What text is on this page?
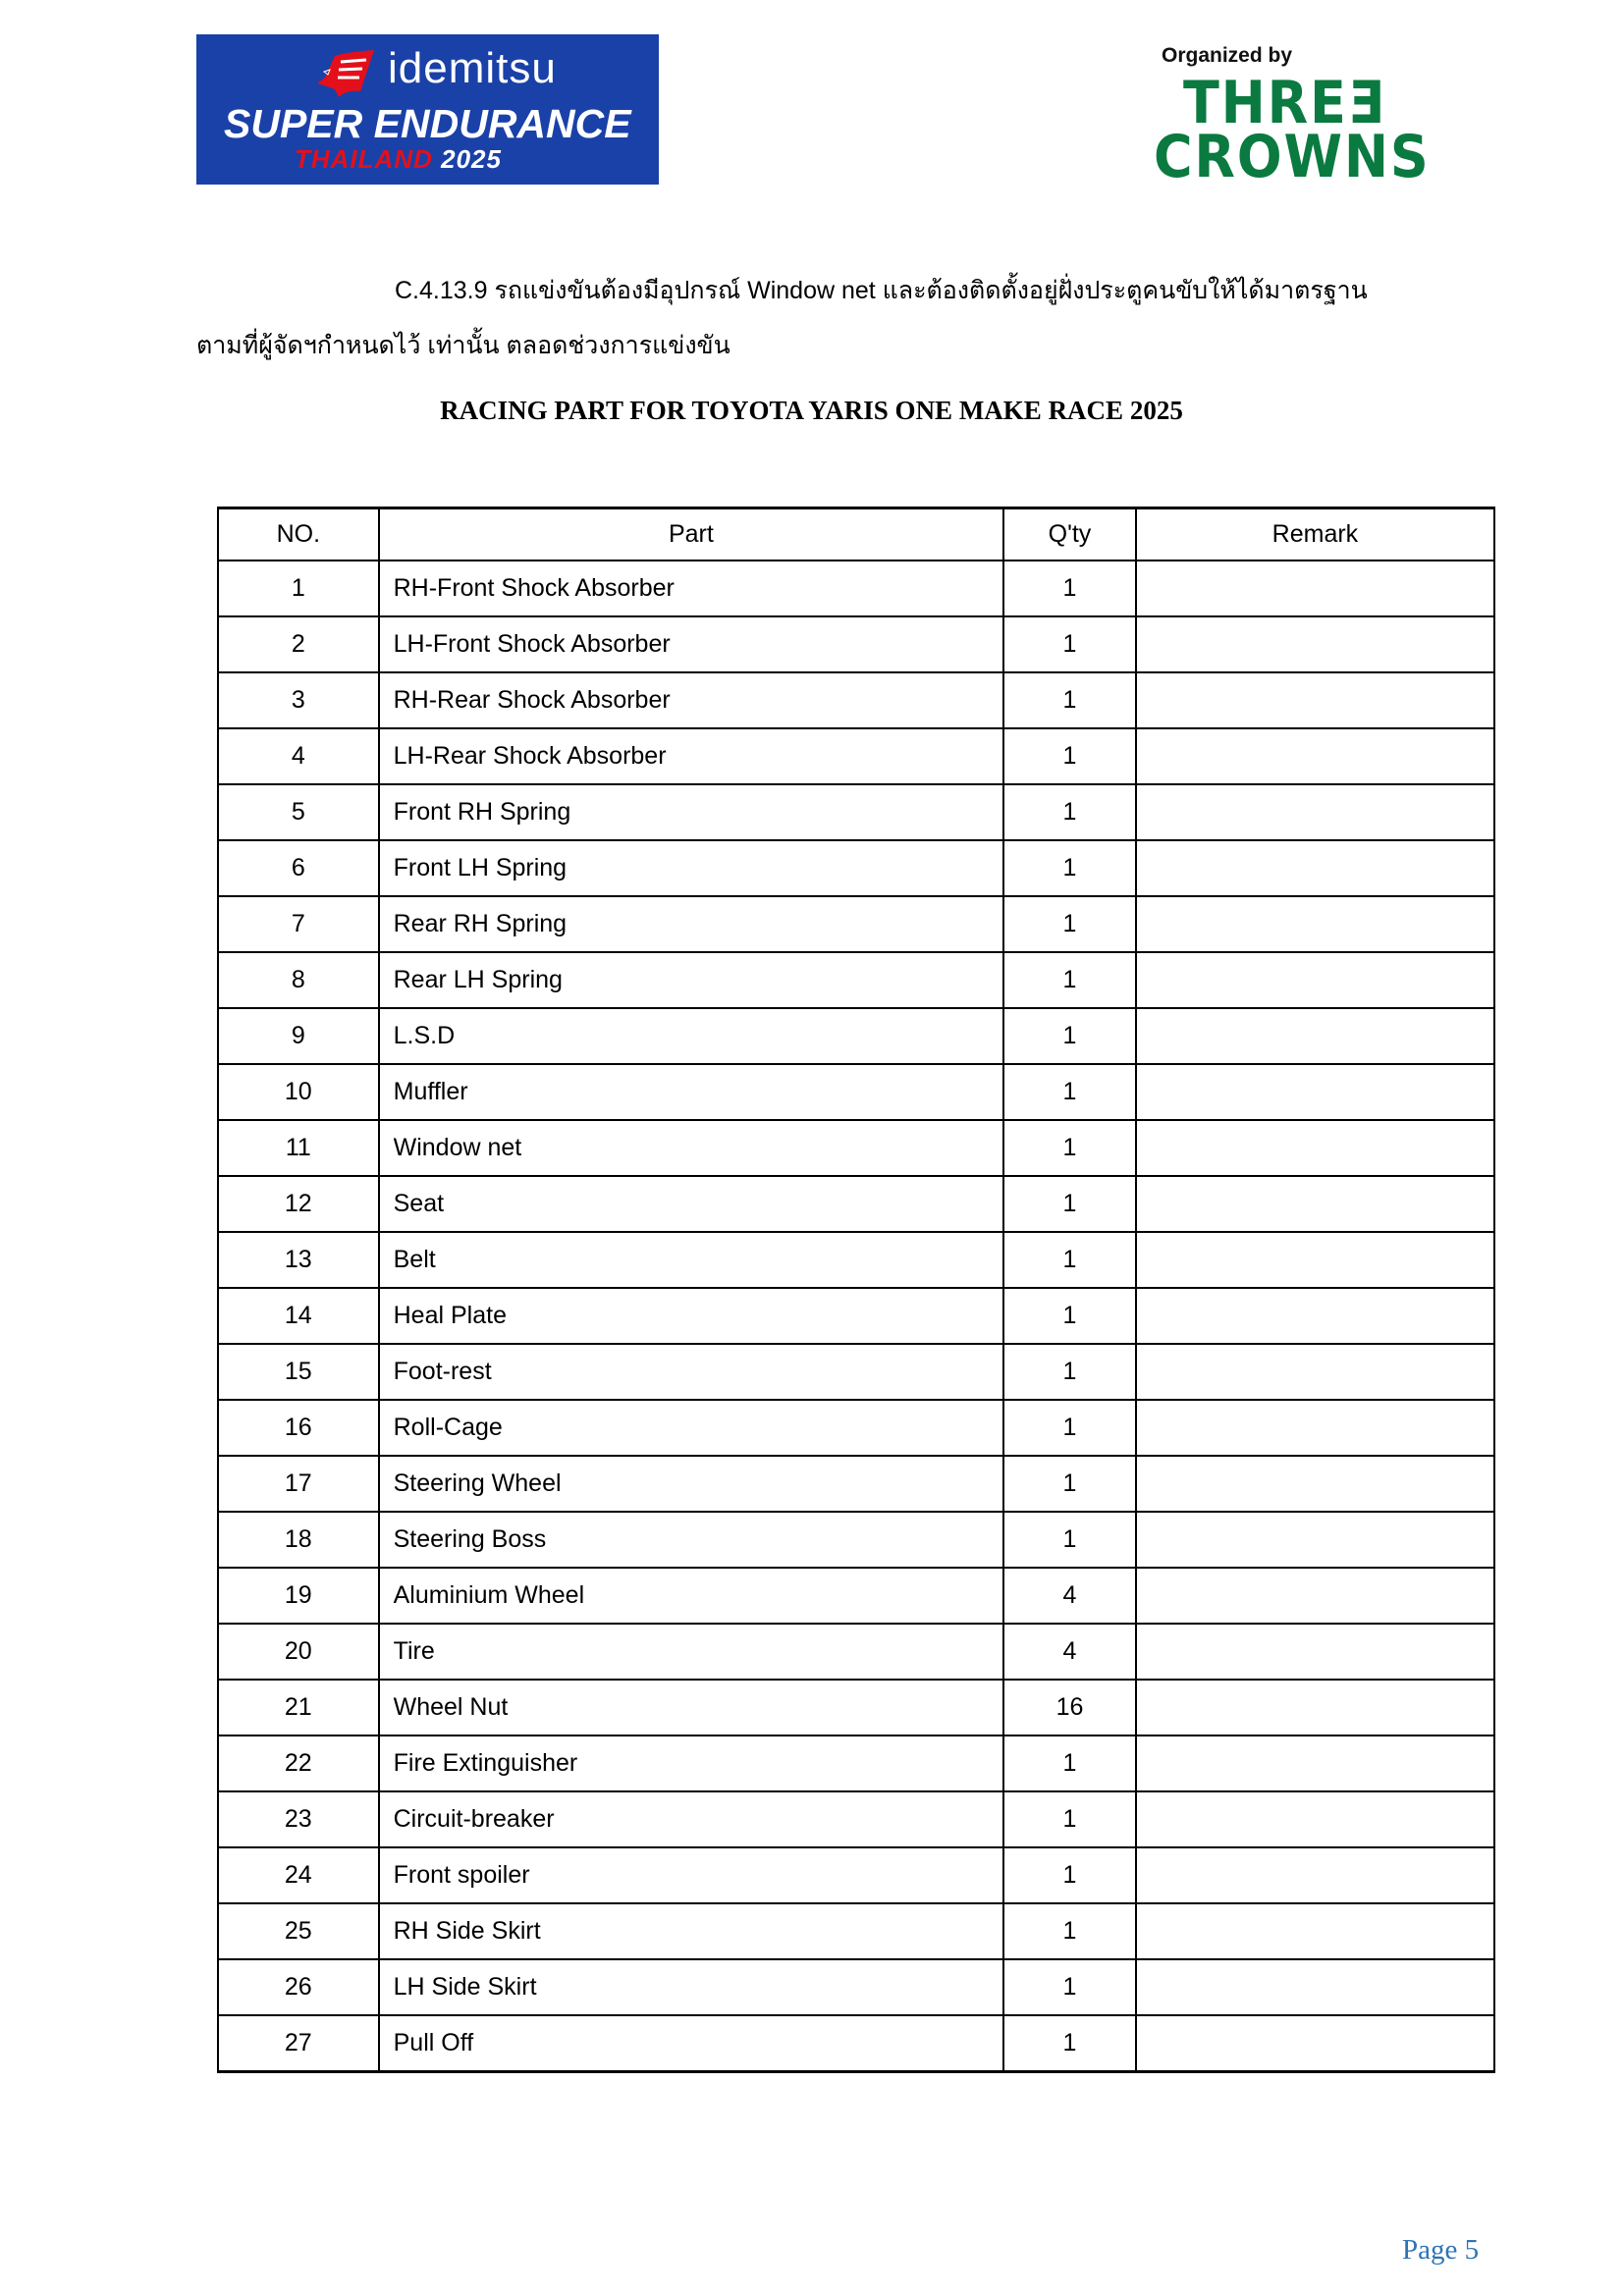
idemitsu
SUPER ENDURANCE
THAILAND 2025
Organized by
THREƎ
CROWNS
C.4.13.9 รถแข่งขันต้องมีอุปกรณ์ Window net และต้องติดตั้งอยู่ฝั่งประตูคนขับให้ได้มาตรฐาน
ตามที่ผู้จัดฯกำหนดไว้ เท่านั้น ตลอดช่วงการแข่งขัน
RACING PART FOR TOYOTA YARIS ONE MAKE RACE 2025
NO.	Part	Q'ty	Remark
1	RH-Front Shock Absorber	1	
2	LH-Front Shock Absorber	1	
3	RH-Rear Shock Absorber	1	
4	LH-Rear Shock Absorber	1	
5	Front RH Spring	1	
6	Front LH Spring	1	
7	Rear RH Spring	1	
8	Rear LH Spring	1	
9	L.S.D	1	
10	Muffler	1	
11	Window net	1	
12	Seat	1	
13	Belt	1	
14	Heal Plate	1	
15	Foot-rest	1	
16	Roll-Cage	1	
17	Steering Wheel	1	
18	Steering Boss	1	
19	Aluminium Wheel	4	
20	Tire	4	
21	Wheel Nut	16	
22	Fire Extinguisher	1	
23	Circuit-breaker	1	
24	Front spoiler	1	
25	RH Side Skirt	1	
26	LH Side Skirt	1	
27	Pull Off	1	
Page 5
